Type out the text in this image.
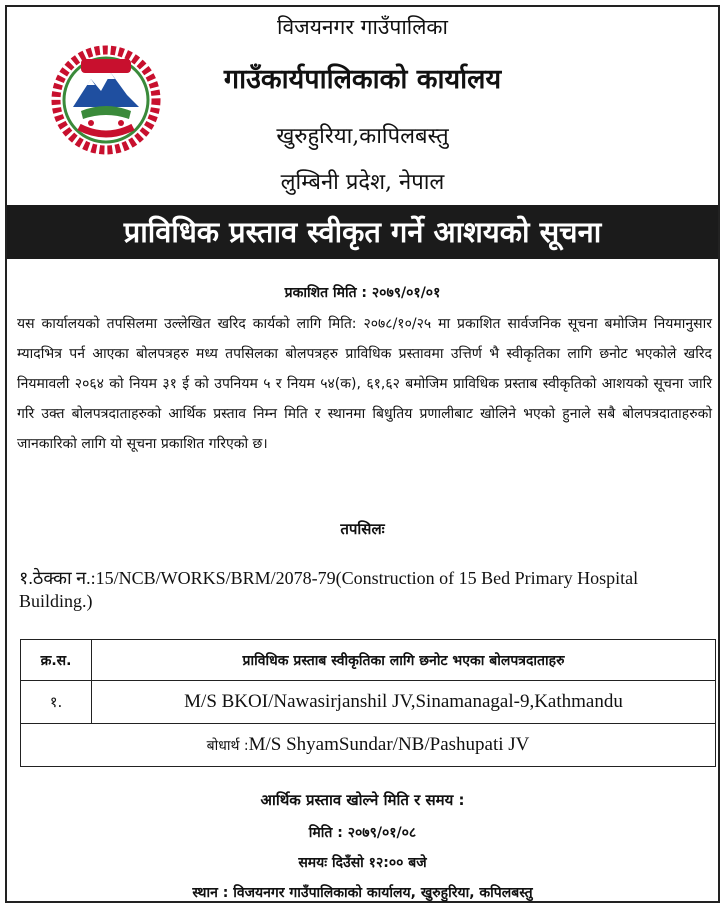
विजयनगर गाउँपालिका
गाउँकार्यपालिकाको कार्यालय
खुरुहुरिया,कापिलबस्तु
लुम्बिनी प्रदेश, नेपाल
प्राविधिक प्रस्ताव स्वीकृत गर्ने आशयको सूचना
प्रकाशित मिति : २०७९/०१/०१
यस कार्यालयको तपसिलमा उल्लेखित खरिद कार्यको लागि मिति: २०७८/१०/२५ मा प्रकाशित सार्वजनिक सूचना बमोजिम नियमानुसार म्यादभित्र पर्न आएका बोलपत्रहरु मध्य तपसिलका बोलपत्रहरु प्राविधिक प्रस्तावमा उत्तिर्ण भै स्वीकृतिका लागि छनोट भएकोले खरिद नियमावली २०६४ को नियम ३१ ई को उपनियम ५ र नियम ५४(क), ६१,६२ बमोजिम प्राविधिक प्रस्ताब स्वीकृतिको आशयको सूचना जारि गरि उक्त बोलपत्रदाताहरुको आर्थिक प्रस्ताव निम्न मिति र स्थानमा बिधुतिय प्रणालीबाट खोलिने भएको हुनाले सबै बोलपत्रदाताहरुको जानकारिको लागि यो सूचना प्रकाशित गरिएको छ।
तपसिलः
१.ठेक्का न.:15/NCB/WORKS/BRM/2078-79(Construction of 15 Bed Primary Hospital Building.)
क्र.स.	प्राविधिक प्रस्ताब स्वीकृतिका लागि छनोट भएका बोलपत्रदाताहरु
१.	M/S BKOI/Nawasirjanshil JV,Sinamanagal-9,Kathmandu
बोधार्थ :M/S ShyamSundar/NB/Pashupati JV	
आर्थिक प्रस्ताव खोल्ने मिति र समय :
मिति : २०७९/०१/०८
समयः दिउँसो १२:०० बजे
स्थान : विजयनगर गाउँपालिकाको कार्यालय, खुरुहुरिया, कपिलबस्तु
